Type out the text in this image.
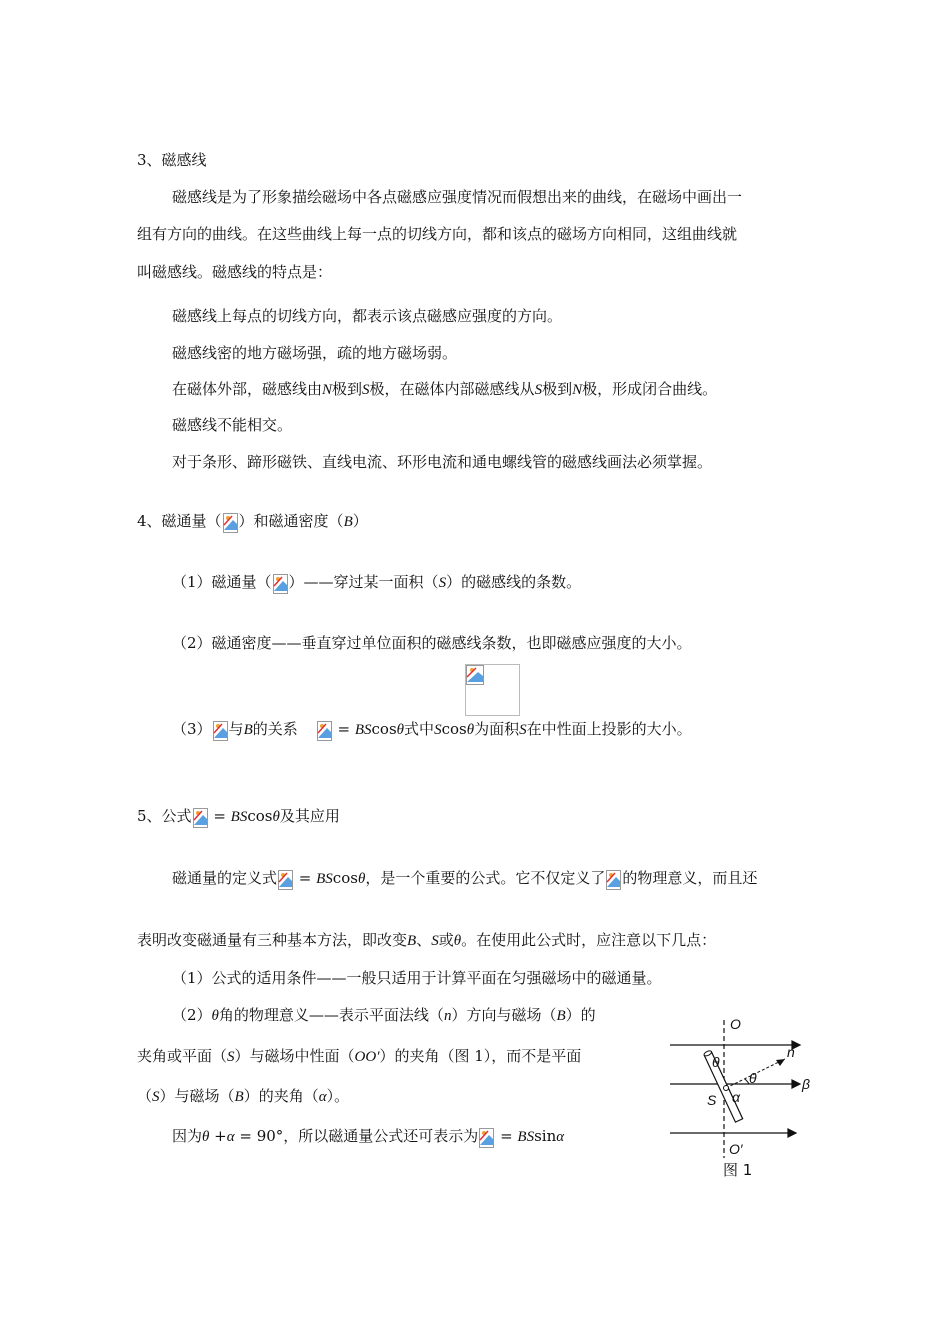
3、磁感线
磁感线是为了形象描绘磁场中各点磁感应强度情况而假想出来的曲线，在磁场中画出一
组有方向的曲线。在这些曲线上每一点的切线方向，都和该点的磁场方向相同，这组曲线就
叫磁感线。磁感线的特点是：
磁感线上每点的切线方向，都表示该点磁感应强度的方向。
磁感线密的地方磁场强，疏的地方磁场弱。
在磁体外部，磁感线由N极到S极，在磁体内部磁感线从S极到N极，形成闭合曲线。
磁感线不能相交。
对于条形、蹄形磁铁、直线电流、环形电流和通电螺线管的磁感线画法必须掌握。
4、磁通量（ ）和磁通密度（B）
（1）磁通量（ ）——穿过某一面积（S）的磁感线的条数。
（2）磁通密度——垂直穿过单位面积的磁感线条数，也即磁感应强度的大小。
（3） 与B的关系
= BScosθ式中Scosθ为面积S在中性面上投影的大小。
5、公式
= BScosθ及其应用
磁通量的定义式
= BScosθ，是一个重要的公式。它不仅定义了 的物理意义，而且还
表明改变磁通量有三种基本方法，即改变B、S或θ。在使用此公式时，应注意以下几点：
（1）公式的适用条件——一般只适用于计算平面在匀强磁场中的磁通量。
（2）θ角的物理意义——表示平面法线（n）方向与磁场（B）的
夹角或平面（S）与磁场中性面（OO′）的夹角（图 1），而不是平面
（S）与磁场（B）的夹角（α）。
因为θ +α = 90°，所以磁通量公式还可表示为
= BSsinα
O
O′
n
θ
θ
S α
β
图 1
